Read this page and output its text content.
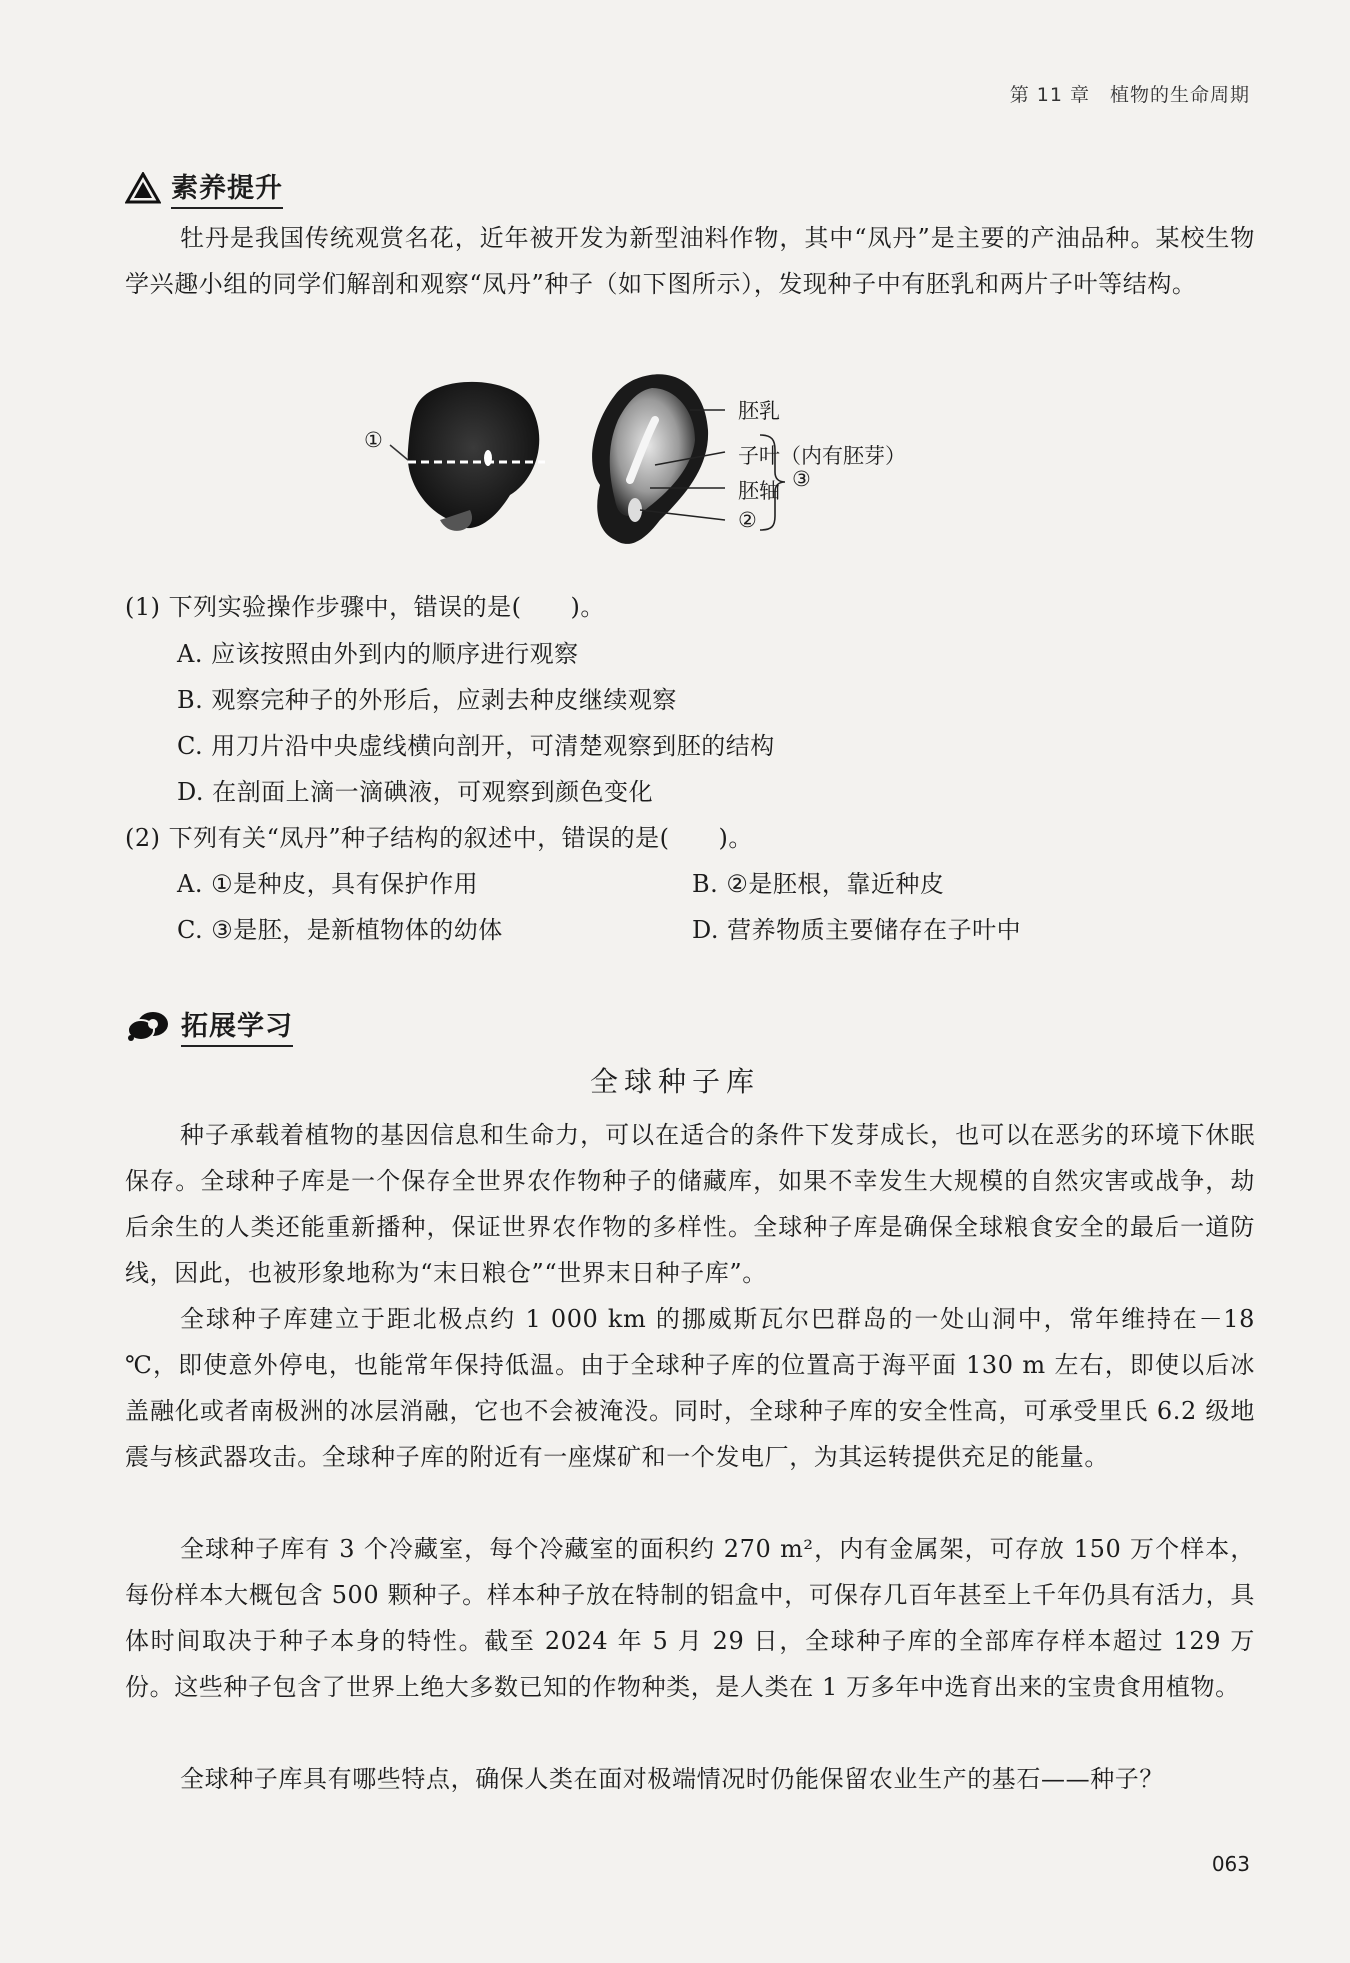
第 11 章　植物的生命周期
素养提升

牡丹是我国传统观赏名花，近年被开发为新型油料作物，其中“凤丹”是主要的产油品种。某校生物学兴趣小组的同学们解剖和观察“凤丹”种子（如下图所示），发现种子中有胚乳和两片子叶等结构。

①
胚乳
子叶（内有胚芽）
胚轴
②
③
(1) 下列实验操作步骤中，错误的是(　　)。
A. 应该按照由外到内的顺序进行观察
B. 观察完种子的外形后，应剥去种皮继续观察
C. 用刀片沿中央虚线横向剖开，可清楚观察到胚的结构
D. 在剖面上滴一滴碘液，可观察到颜色变化
(2) 下列有关“凤丹”种子结构的叙述中，错误的是(　　)。
A. ①是种皮，具有保护作用	B. ②是胚根，靠近种皮
C. ③是胚，是新植物体的幼体	D. 营养物质主要储存在子叶中
拓展学习
全球种子库

种子承载着植物的基因信息和生命力，可以在适合的条件下发芽成长，也可以在恶劣的环境下休眠保存。全球种子库是一个保存全世界农作物种子的储藏库，如果不幸发生大规模的自然灾害或战争，劫后余生的人类还能重新播种，保证世界农作物的多样性。全球种子库是确保全球粮食安全的最后一道防线，因此，也被形象地称为“末日粮仓”“世界末日种子库”。

全球种子库建立于距北极点约 1 000 km 的挪威斯瓦尔巴群岛的一处山洞中，常年维持在－18 ℃，即使意外停电，也能常年保持低温。由于全球种子库的位置高于海平面 130 m 左右，即使以后冰盖融化或者南极洲的冰层消融，它也不会被淹没。同时，全球种子库的安全性高，可承受里氏 6.2 级地震与核武器攻击。全球种子库的附近有一座煤矿和一个发电厂，为其运转提供充足的能量。

全球种子库有 3 个冷藏室，每个冷藏室的面积约 270 m²，内有金属架，可存放 150 万个样本，每份样本大概包含 500 颗种子。样本种子放在特制的铝盒中，可保存几百年甚至上千年仍具有活力，具体时间取决于种子本身的特性。截至 2024 年 5 月 29 日，全球种子库的全部库存样本超过 129 万份。这些种子包含了世界上绝大多数已知的作物种类，是人类在 1 万多年中选育出来的宝贵食用植物。

全球种子库具有哪些特点，确保人类在面对极端情况时仍能保留农业生产的基石——种子？

063
